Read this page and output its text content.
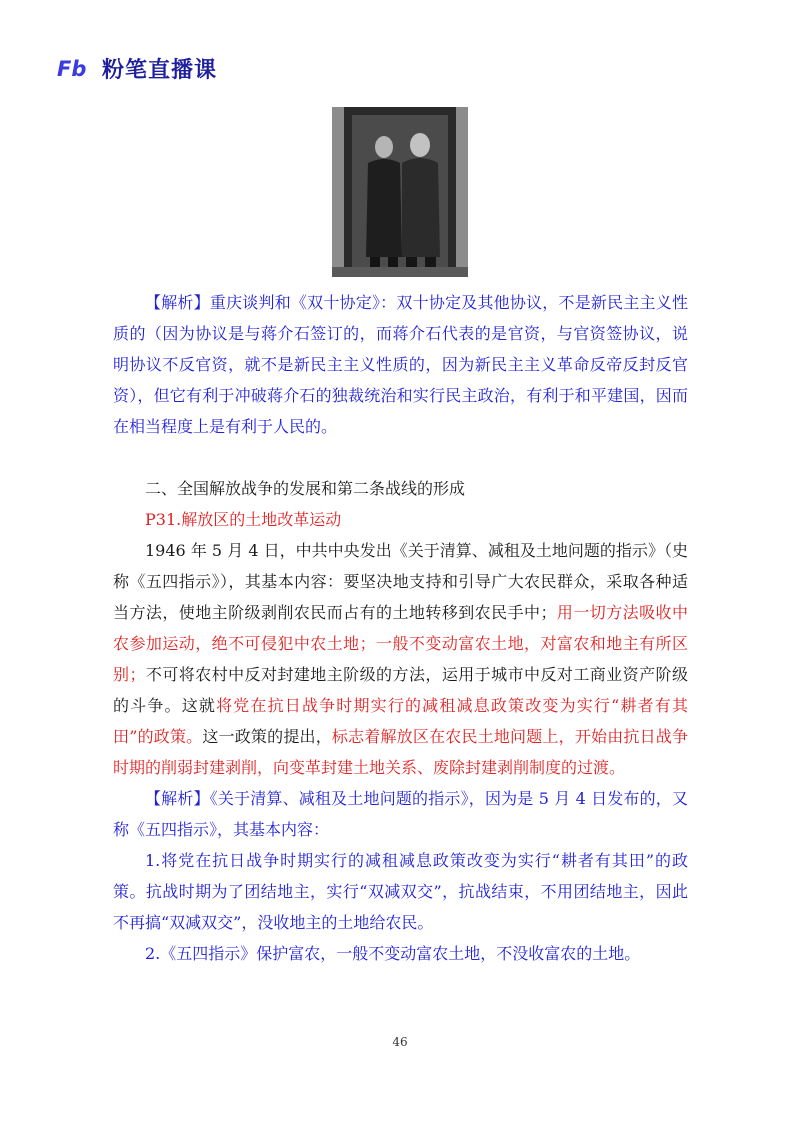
Fb 粉笔直播课

【解析】重庆谈判和《双十协定》：双十协定及其他协议，不是新民主主义性质的（因为协议是与蒋介石签订的，而蒋介石代表的是官资，与官资签协议，说明协议不反官资，就不是新民主主义性质的，因为新民主主义革命反帝反封反官资），但它有利于冲破蒋介石的独裁统治和实行民主政治，有利于和平建国，因而在相当程度上是有利于人民的。

二、全国解放战争的发展和第二条战线的形成

P31.解放区的土地改革运动

1946 年 5 月 4 日，中共中央发出《关于清算、减租及土地问题的指示》（史称《五四指示》），其基本内容：要坚决地支持和引导广大农民群众，采取各种适当方法，使地主阶级剥削农民而占有的土地转移到农民手中；用一切方法吸收中农参加运动，绝不可侵犯中农土地；一般不变动富农土地，对富农和地主有所区别；不可将农村中反对封建地主阶级的方法，运用于城市中反对工商业资产阶级的斗争。这就将党在抗日战争时期实行的减租减息政策改变为实行“耕者有其田”的政策。这一政策的提出，标志着解放区在农民土地问题上，开始由抗日战争时期的削弱封建剥削，向变革封建土地关系、废除封建剥削制度的过渡。

【解析】《关于清算、减租及土地问题的指示》，因为是 5 月 4 日发布的，又称《五四指示》，其基本内容：

1.将党在抗日战争时期实行的减租减息政策改变为实行“耕者有其田”的政策。抗战时期为了团结地主，实行“双减双交”，抗战结束，不用团结地主，因此不再搞“双减双交”，没收地主的土地给农民。

2.《五四指示》保护富农，一般不变动富农土地，不没收富农的土地。

46
